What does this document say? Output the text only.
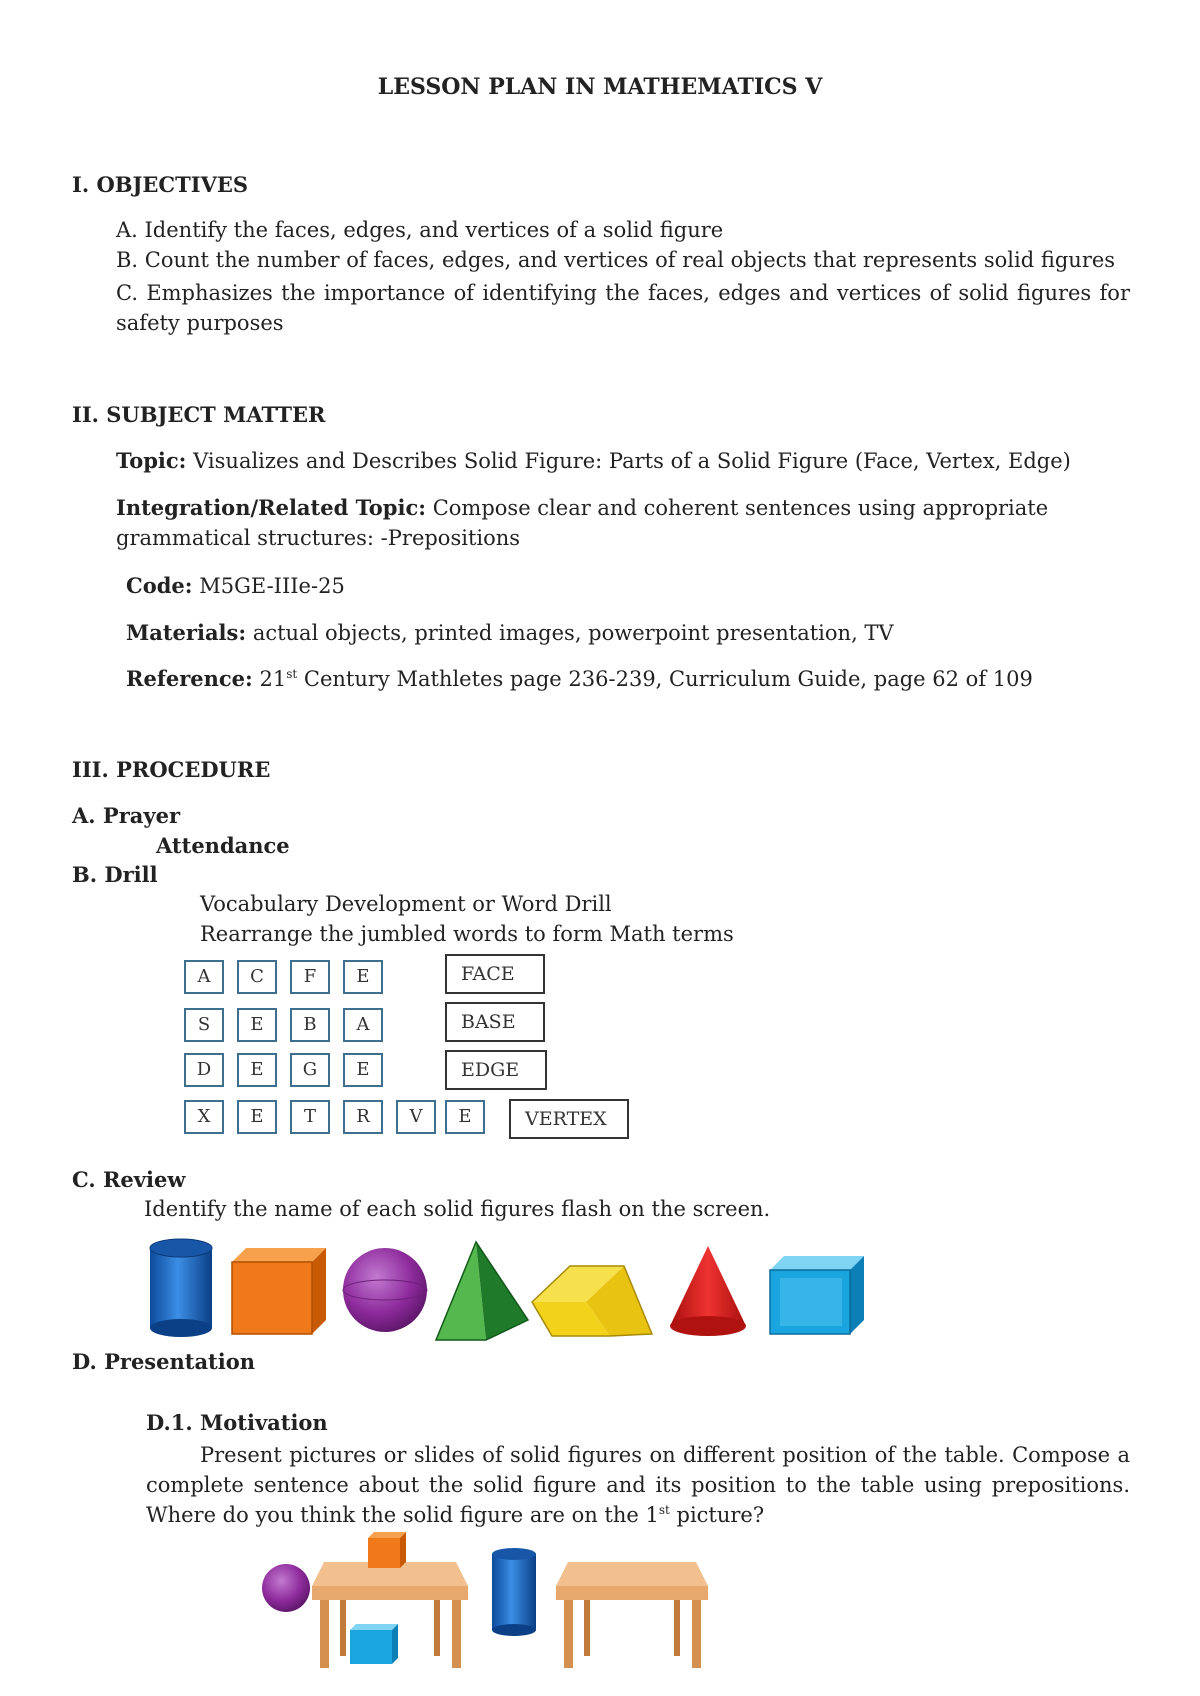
LESSON PLAN IN MATHEMATICS V
I. OBJECTIVES
A. Identify the faces, edges, and vertices of a solid figure
B. Count the number of faces, edges, and vertices of real objects that represents solid figures
C. Emphasizes the importance of identifying the faces, edges and vertices of solid figures for safety purposes
II. SUBJECT MATTER
Topic: Visualizes and Describes Solid Figure: Parts of a Solid Figure (Face, Vertex, Edge)
Integration/Related Topic: Compose clear and coherent sentences using appropriate grammatical structures: -Prepositions
Code: M5GE-IIIe-25
Materials: actual objects, printed images, powerpoint presentation, TV
Reference: 21st Century Mathletes page 236-239, Curriculum Guide, page 62 of 109
III. PROCEDURE
A. Prayer
Attendance
B. Drill
Vocabulary Development or Word Drill
Rearrange the jumbled words to form Math terms
A	C	F	E	FACE
S	E	B	A	BASE
D	E	G	E	EDGE
X	E	T	R	V	E	VERTEX
C. Review
Identify the name of each solid figures flash on the screen.
D. Presentation
D.1. Motivation
Present pictures or slides of solid figures on different position of the table. Compose a complete sentence about the solid figure and its position to the table using prepositions. Where do you think the solid figure are on the 1st picture?
